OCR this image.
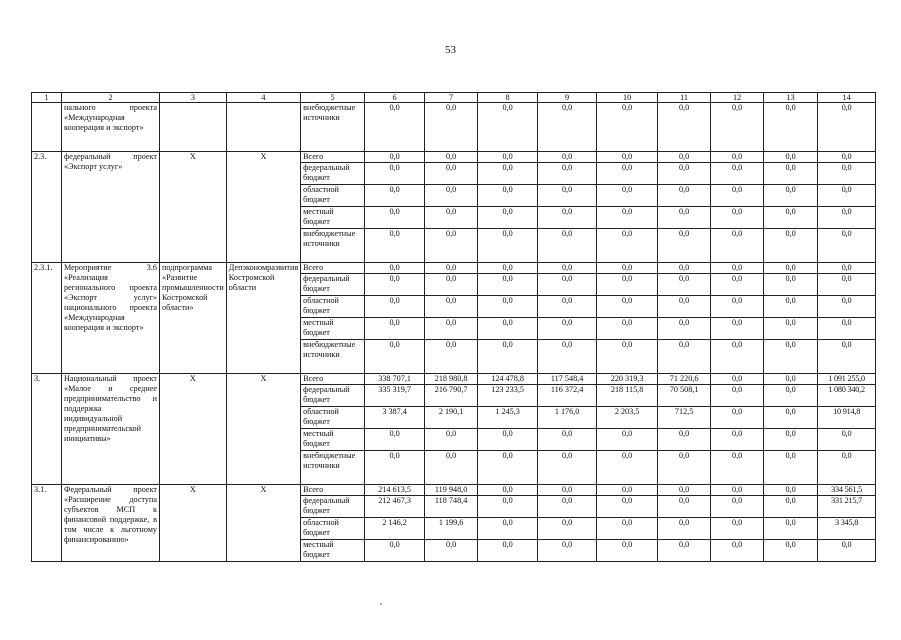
53
1	2	3	4	5	6	7	8	9	10	11	12	13	14
	нального проекта «Международная кооперация и экспорт»			внебюджетные источники	0,0	0,0	0,0	0,0	0,0	0,0	0,0	0,0	0,0
2.3.	федеральный проект «Экспорт услуг»	Х	Х	Всего	0,0	0,0	0,0	0,0	0,0	0,0	0,0	0,0	0,0
				федеральный бюджет	0,0	0,0	0,0	0,0	0,0	0,0	0,0	0,0	0,0
				областной бюджет	0,0	0,0	0,0	0,0	0,0	0,0	0,0	0,0	0,0
				местный бюджет	0,0	0,0	0,0	0,0	0,0	0,0	0,0	0,0	0,0
				внебюджетные источники	0,0	0,0	0,0	0,0	0,0	0,0	0,0	0,0	0,0
2.3.1.	Мероприятие 3.6 «Реализация регионального проекта «Экспорт услуг» национального проекта «Международная кооперация и экспорт»	подпрограмма «Развитие промышленности Костромской области»	Депэкономразвития Костромской области	Всего	0,0	0,0	0,0	0,0	0,0	0,0	0,0	0,0	0,0
				федеральный бюджет	0,0	0,0	0,0	0,0	0,0	0,0	0,0	0,0	0,0
				областной бюджет	0,0	0,0	0,0	0,0	0,0	0,0	0,0	0,0	0,0
				местный бюджет	0,0	0,0	0,0	0,0	0,0	0,0	0,0	0,0	0,0
				внебюджетные источники	0,0	0,0	0,0	0,0	0,0	0,0	0,0	0,0	0,0
3.	Национальный проект «Малое и среднее предпринимательство и поддержка индивидуальной предпринимательской инициативы»	Х	Х	Всего	338 707,1	218 980,8	124 478,8	117 548,4	220 319,3	71 220,6	0,0	0,0	1 091 255,0
				федеральный бюджет	335 319,7	216 790,7	123 233,5	116 372,4	218 115,8	70 508,1	0,0	0,0	1 080 340,2
				областной бюджет	3 387,4	2 190,1	1 245,3	1 176,0	2 203,5	712,5	0,0	0,0	10 914,8
				местный бюджет	0,0	0,0	0,0	0,0	0,0	0,0	0,0	0,0	0,0
				внебюджетные источники	0,0	0,0	0,0	0,0	0,0	0,0	0,0	0,0	0,0
3.1.	Федеральный проект «Расширение доступа субъектов МСП к финансовой поддержке, в том числе к льготному финансированию»	Х	Х	Всего	214 613,5	119 948,0	0,0	0,0	0,0	0,0	0,0	0,0	334 561,5
				федеральный бюджет	212 467,3	118 748,4	0,0	0,0	0,0	0,0	0,0	0,0	331 215,7
				областной бюджет	2 146,2	1 199,6	0,0	0,0	0,0	0,0	0,0	0,0	3 345,8
				местный бюджет	0,0	0,0	0,0	0,0	0,0	0,0	0,0	0,0	0,0
